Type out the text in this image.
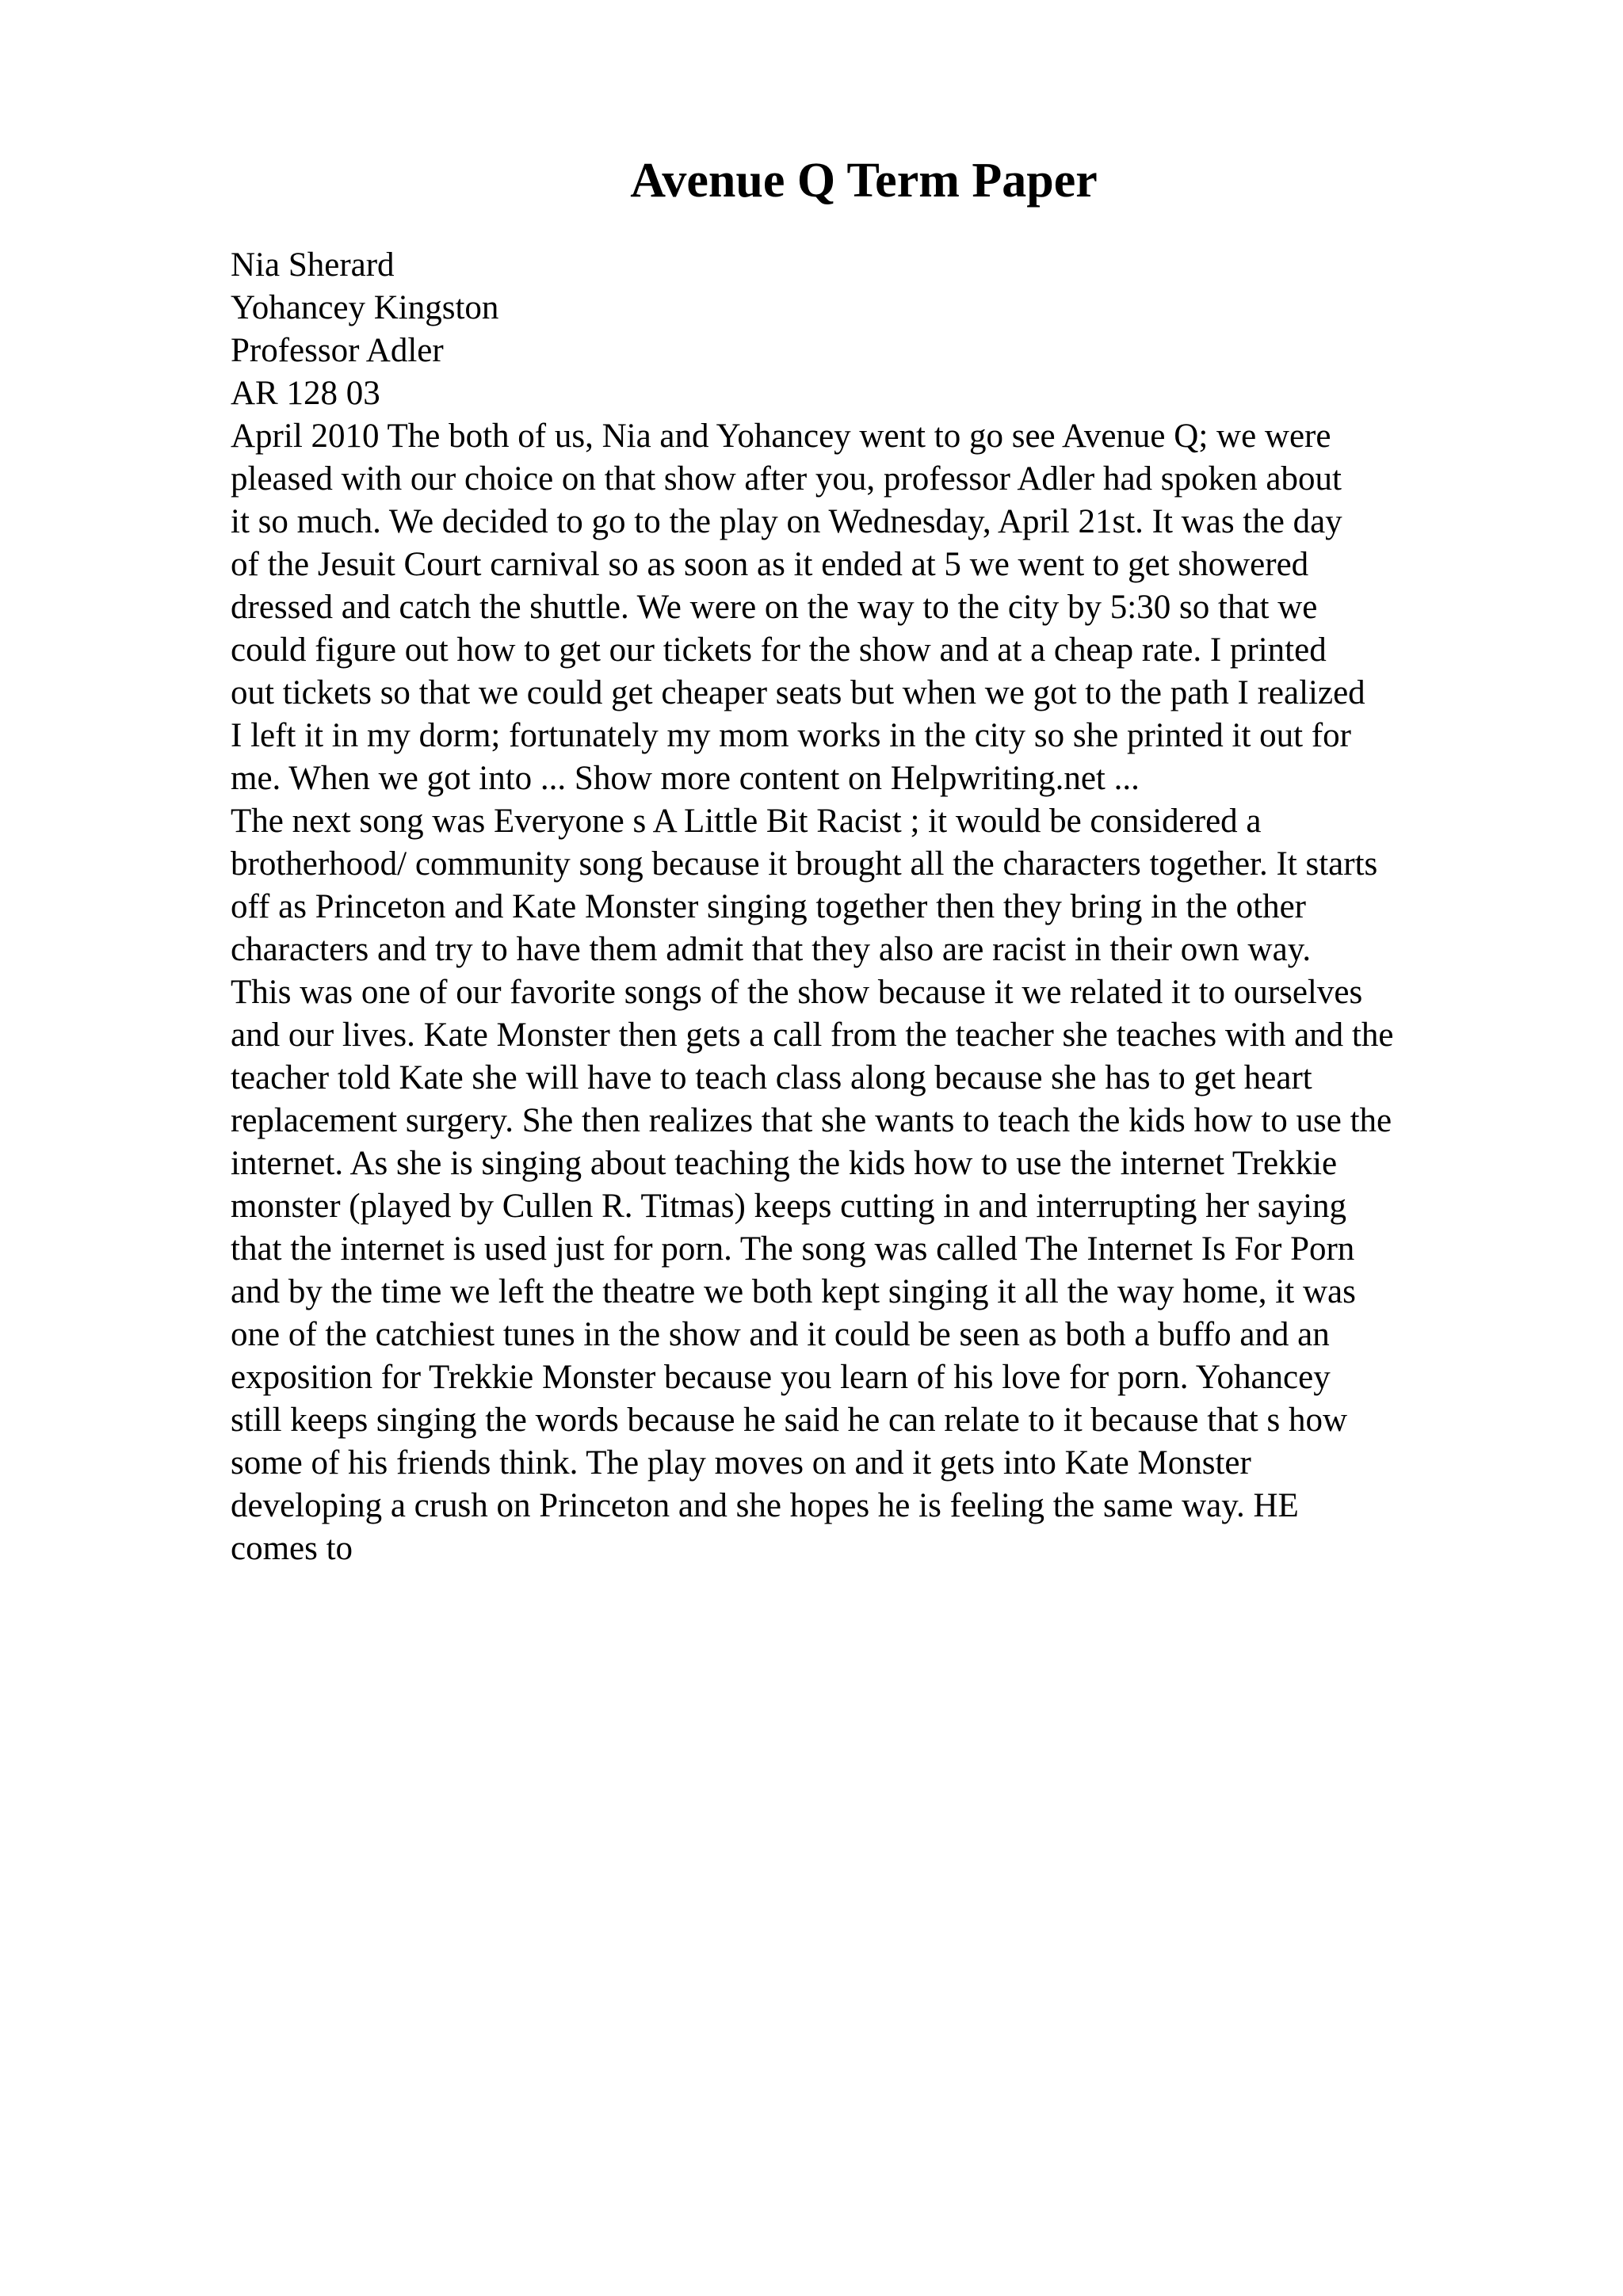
Avenue Q Term Paper
Nia Sherard
Yohancey Kingston
Professor Adler
AR 128 03
April 2010 The both of us, Nia and Yohancey went to go see Avenue Q; we were
pleased with our choice on that show after you, professor Adler had spoken about
it so much. We decided to go to the play on Wednesday, April 21st. It was the day
of the Jesuit Court carnival so as soon as it ended at 5 we went to get showered
dressed and catch the shuttle. We were on the way to the city by 5:30 so that we
could figure out how to get our tickets for the show and at a cheap rate. I printed
out tickets so that we could get cheaper seats but when we got to the path I realized
I left it in my dorm; fortunately my mom works in the city so she printed it out for
me. When we got into ... Show more content on Helpwriting.net ...
The next song was Everyone s A Little Bit Racist ; it would be considered a
brotherhood/ community song because it brought all the characters together. It starts
off as Princeton and Kate Monster singing together then they bring in the other
characters and try to have them admit that they also are racist in their own way.
This was one of our favorite songs of the show because it we related it to ourselves
and our lives. Kate Monster then gets a call from the teacher she teaches with and the
teacher told Kate she will have to teach class along because she has to get heart
replacement surgery. She then realizes that she wants to teach the kids how to use the
internet. As she is singing about teaching the kids how to use the internet Trekkie
monster (played by Cullen R. Titmas) keeps cutting in and interrupting her saying
that the internet is used just for porn. The song was called The Internet Is For Porn
and by the time we left the theatre we both kept singing it all the way home, it was
one of the catchiest tunes in the show and it could be seen as both a buffo and an
exposition for Trekkie Monster because you learn of his love for porn. Yohancey
still keeps singing the words because he said he can relate to it because that s how
some of his friends think. The play moves on and it gets into Kate Monster
developing a crush on Princeton and she hopes he is feeling the same way. HE
comes to
